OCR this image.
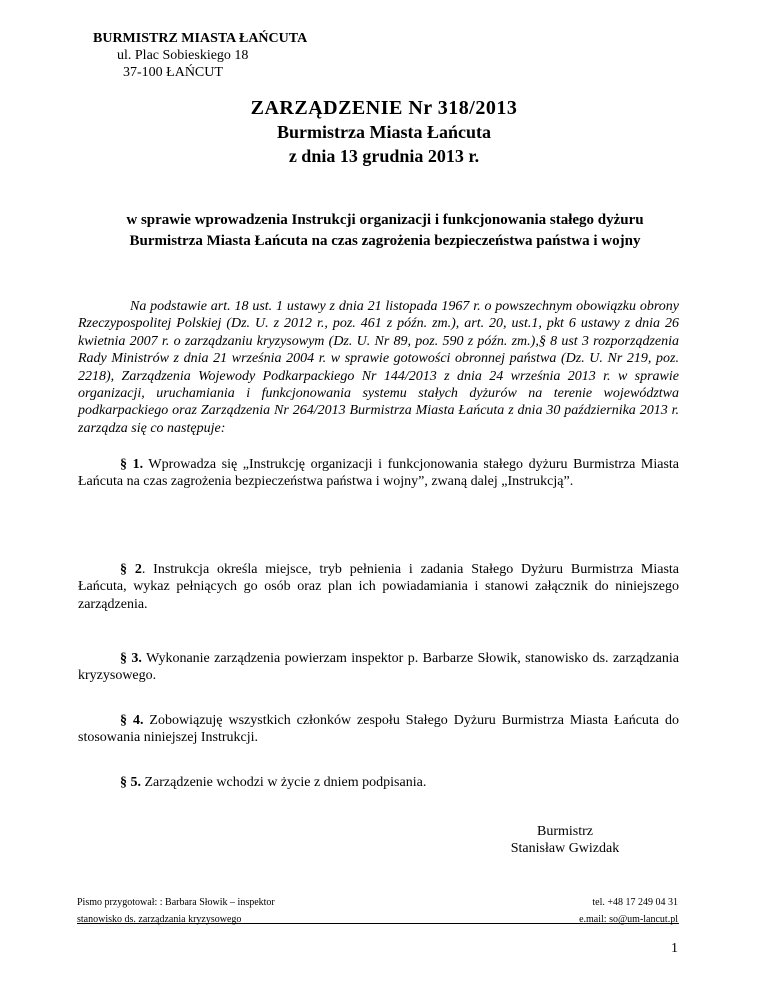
BURMISTRZ MIASTA ŁAŃCUTA
ul. Plac Sobieskiego 18
37-100 ŁAŃCUT
ZARZĄDZENIE Nr 318/2013
Burmistrza Miasta Łańcuta
z dnia 13 grudnia 2013 r.
w sprawie wprowadzenia Instrukcji organizacji i funkcjonowania stałego dyżuru Burmistrza Miasta Łańcuta na czas zagrożenia bezpieczeństwa państwa i wojny
Na podstawie art. 18 ust. 1 ustawy z dnia 21 listopada 1967 r. o powszechnym obowiązku obrony Rzeczypospolitej Polskiej (Dz. U. z 2012 r., poz. 461 z późn. zm.), art. 20, ust.1, pkt 6 ustawy z dnia 26 kwietnia 2007 r. o zarządzaniu kryzysowym (Dz. U. Nr 89, poz. 590 z późn. zm.),§ 8 ust 3 rozporządzenia Rady Ministrów z dnia 21 września 2004 r. w sprawie gotowości obronnej państwa (Dz. U. Nr 219, poz. 2218), Zarządzenia Wojewody Podkarpackiego Nr 144/2013 z dnia 24 września 2013 r. w sprawie organizacji, uruchamiania i funkcjonowania systemu stałych dyżurów na terenie województwa podkarpackiego oraz Zarządzenia Nr 264/2013 Burmistrza Miasta Łańcuta z dnia 30 października 2013 r. zarządza się co następuje:
§ 1. Wprowadza się „Instrukcję organizacji i funkcjonowania stałego dyżuru Burmistrza Miasta Łańcuta na czas zagrożenia bezpieczeństwa państwa i wojny”, zwaną dalej „Instrukcją”.
§ 2. Instrukcja określa miejsce, tryb pełnienia i zadania Stałego Dyżuru Burmistrza Miasta Łańcuta, wykaz pełniących go osób oraz plan ich powiadamiania i stanowi załącznik do niniejszego zarządzenia.
§ 3. Wykonanie zarządzenia powierzam inspektor p. Barbarze Słowik, stanowisko ds. zarządzania kryzysowego.
§ 4. Zobowiązuję wszystkich członków zespołu Stałego Dyżuru Burmistrza Miasta Łańcuta do stosowania niniejszej Instrukcji.
§ 5. Zarządzenie wchodzi w życie z dniem podpisania.
Burmistrz
Stanisław Gwizdak
Pismo przygotował: : Barbara Słowik – inspektor
stanowisko ds. zarządzania kryzysowego
tel. +48 17 249 04 31
e.mail: so@um-lancut.pl
1
